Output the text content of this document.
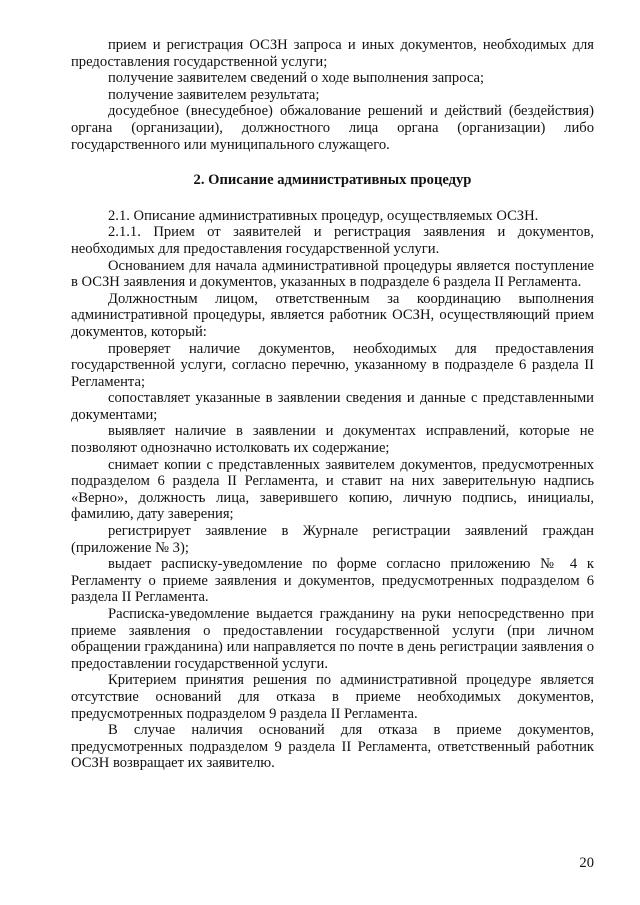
прием и регистрация ОСЗН запроса и иных документов, необходимых для предоставления государственной услуги;

получение заявителем сведений о ходе выполнения запроса;

получение заявителем результата;

досудебное (внесудебное) обжалование решений и действий (бездействия) органа (организации), должностного лица органа (организации) либо государственного или муниципального служащего.

2. Описание административных процедур

2.1. Описание административных процедур, осуществляемых ОСЗН.

2.1.1. Прием от заявителей и регистрация заявления и документов, необходимых для предоставления государственной услуги.

Основанием для начала административной процедуры является поступление в ОСЗН заявления и документов, указанных в подразделе 6 раздела II Регламента.

Должностным лицом, ответственным за координацию выполнения административной процедуры, является работник ОСЗН, осуществляющий прием документов, который:

проверяет наличие документов, необходимых для предоставления государственной услуги, согласно перечню, указанному в подразделе 6 раздела II Регламента;

сопоставляет указанные в заявлении сведения и данные с представленными документами;

выявляет наличие в заявлении и документах исправлений, которые не позволяют однозначно истолковать их содержание;

снимает копии с представленных заявителем документов, предусмотренных подразделом 6 раздела II Регламента, и ставит на них заверительную надпись «Верно», должность лица, заверившего копию, личную подпись, инициалы, фамилию, дату заверения;

регистрирует заявление в Журнале регистрации заявлений граждан (приложение № 3);

выдает расписку-уведомление по форме согласно приложению № 4 к Регламенту о приеме заявления и документов, предусмотренных подразделом 6 раздела II Регламента.

Расписка-уведомление выдается гражданину на руки непосредственно при приеме заявления о предоставлении государственной услуги (при личном обращении гражданина) или направляется по почте в день регистрации заявления о предоставлении государственной услуги.

Критерием принятия решения по административной процедуре является отсутствие оснований для отказа в приеме необходимых документов, предусмотренных подразделом 9 раздела II Регламента.

В случае наличия оснований для отказа в приеме документов, предусмотренных подразделом 9 раздела II Регламента, ответственный работник ОСЗН возвращает их заявителю.

20
